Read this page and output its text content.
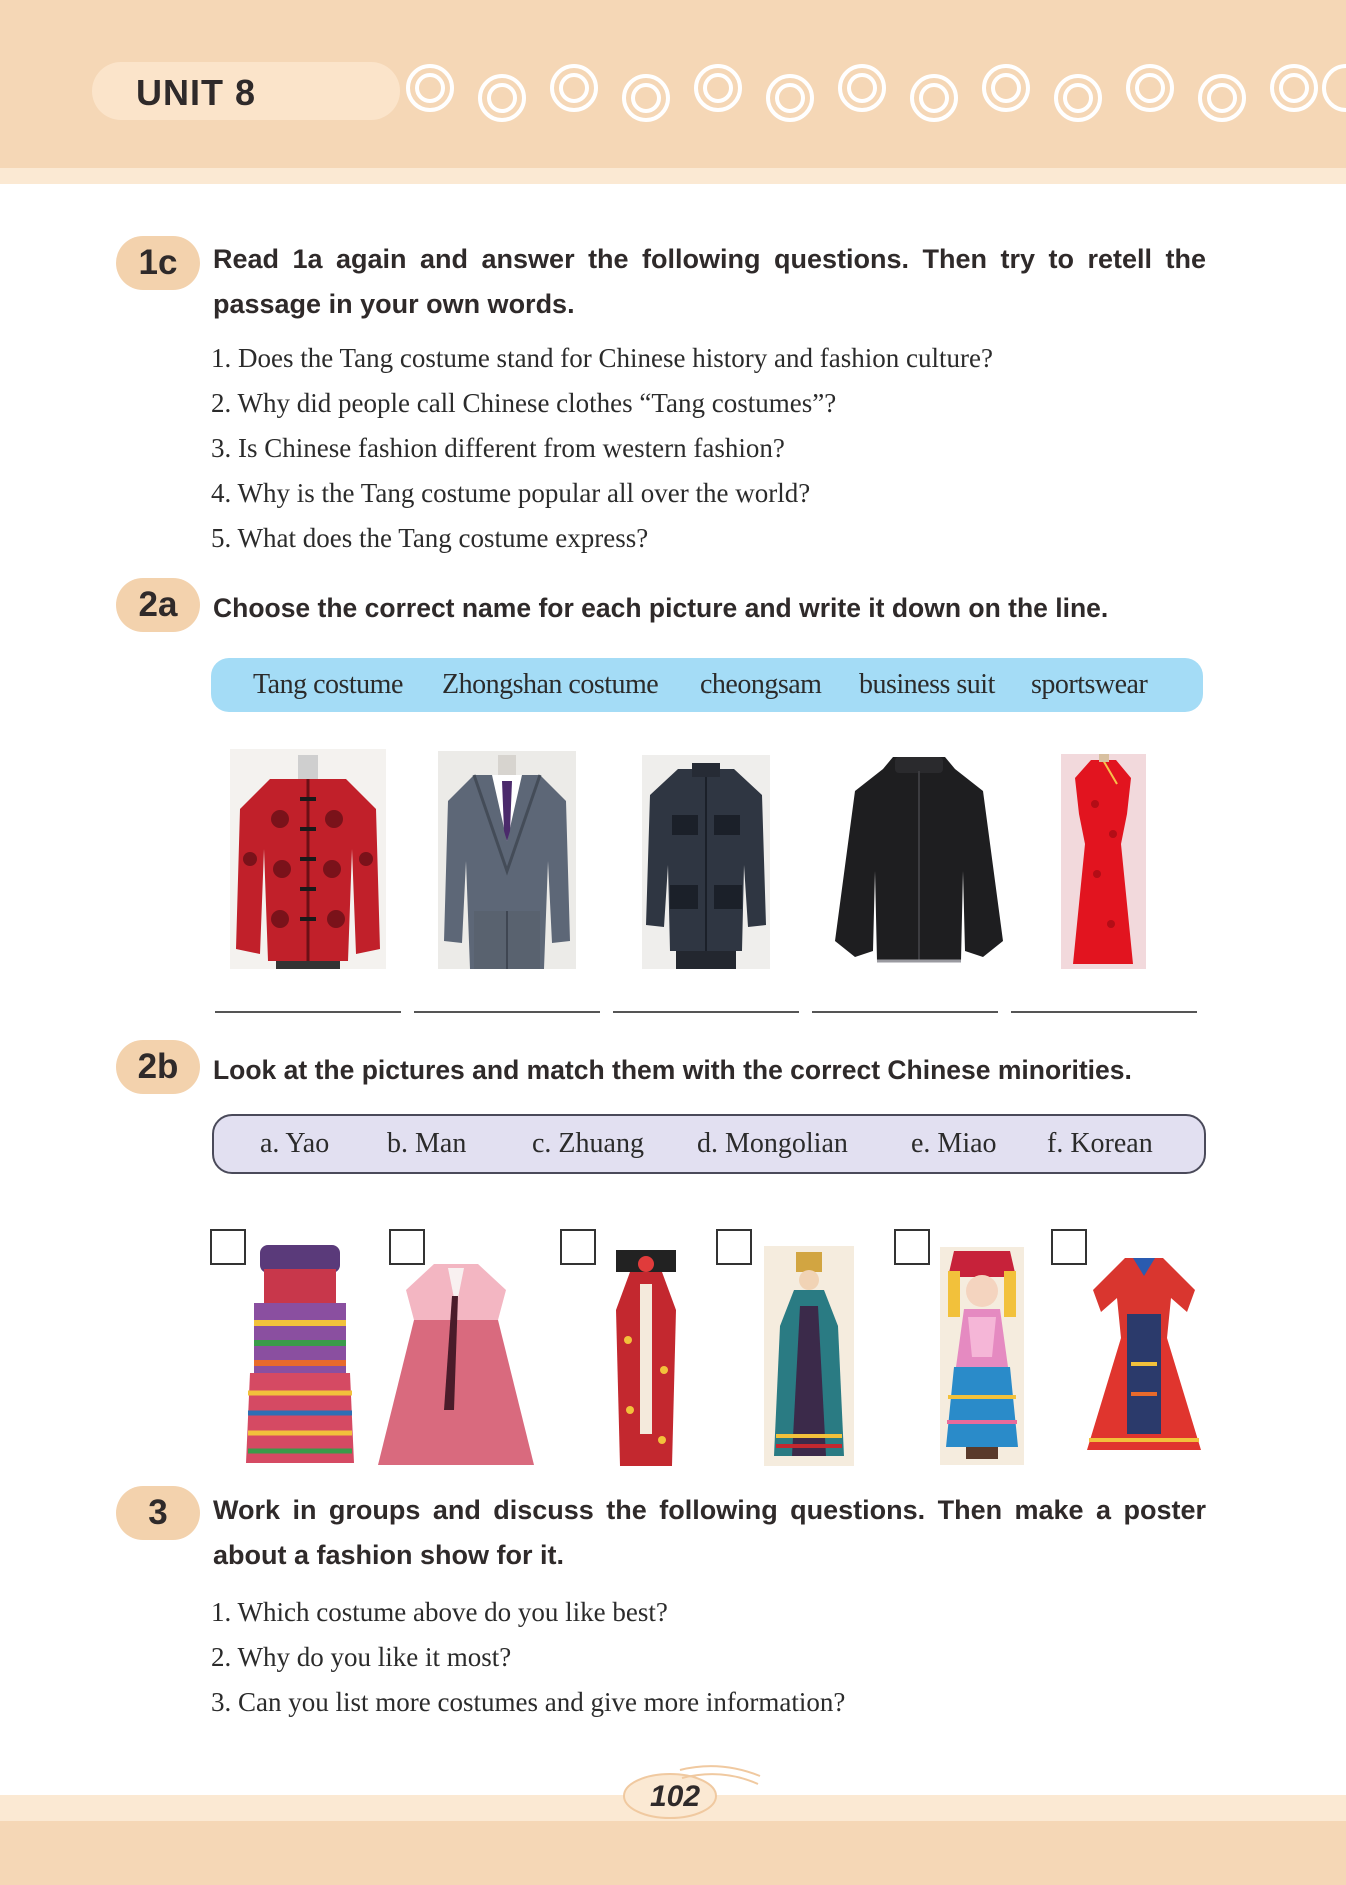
UNIT 8
1c	Read 1a again and answer the following questions. Then try to retell the passage in your own words.
1. Does the Tang costume stand for Chinese history and fashion culture?
2. Why did people call Chinese clothes “Tang costumes”?
3. Is Chinese fashion different from western fashion?
4. Why is the Tang costume popular all over the world?
5. What does the Tang costume express?
2a	Choose the correct name for each picture and write it down on the line.
Tang costume Zhongshan costume cheongsam business suit sportswear
2b	Look at the pictures and match them with the correct Chinese minorities.
a. Yao b. Man c. Zhuang d. Mongolian e. Miao f. Korean
3	Work in groups and discuss the following questions. Then make a poster about a fashion show for it.
1. Which costume above do you like best?
2. Why do you like it most?
3. Can you list more costumes and give more information?
102
